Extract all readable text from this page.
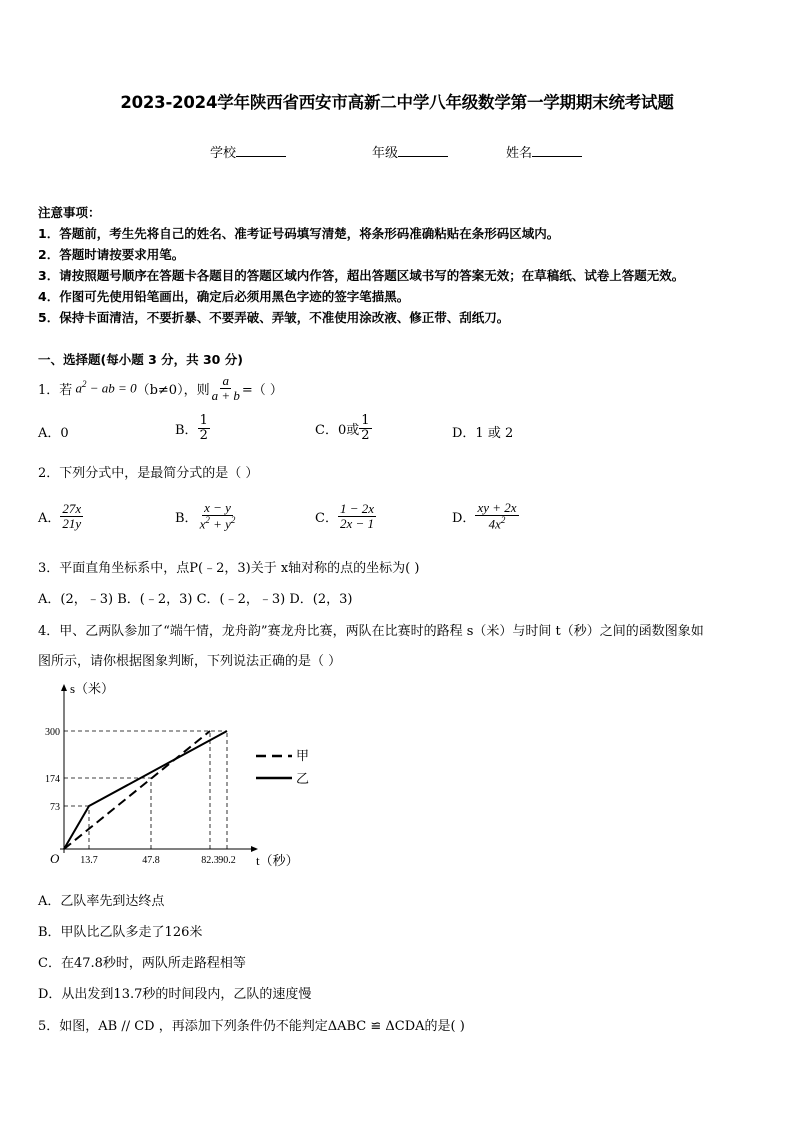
2023-2024学年陕西省西安市高新二中学八年级数学第一学期期末统考试题
学校	年级	姓名
注意事项：
1．答题前，考生先将自己的姓名、准考证号码填写清楚，将条形码准确粘贴在条形码区域内。
2．答题时请按要求用笔。
3．请按照题号顺序在答题卡各题目的答题区域内作答，超出答题区域书写的答案无效；在草稿纸、试卷上答题无效。
4．作图可先使用铅笔画出，确定后必须用黑色字迹的签字笔描黑。
5．保持卡面清洁，不要折暴、不要弄破、弄皱，不准使用涂改液、修正带、刮纸刀。
一、选择题(每小题 3 分，共 30 分)
1．若 $a^2$ − ab = 0 （b≠0），则 $\frac{a}{a + b}$ =（ ）
A．0	B． $\frac{1}{2}$	C．0或 $\frac{1}{2}$	D．1 或 2
2．下列分式中，是最简分式的是（ ）
A． $\frac{27x}{21y}$	B． $\frac{x - y}{x^2 + y^2}$	C． $\frac{1 - 2x}{2x - 1}$	D． $\frac{xy + 2x}{4x^2}$
3．平面直角坐标系中，点P(﹣2，3)关于 x轴对称的点的坐标为( )
A．(2，﹣3) B．(﹣2，3) C．(﹣2，﹣3) D．(2，3)
4．甲、乙两队参加了“端午情，龙舟韵”赛龙舟比赛，两队在比赛时的路程 s（米）与时间 t（秒）之间的函数图象如
图所示，请你根据图象判断，下列说法正确的是（ ）
13.7	47.8	82.3 90.2
73
174
300
s（米）
t（秒）
O
甲
乙
A．乙队率先到达终点
B．甲队比乙队多走了126米
C．在47.8秒时，两队所走路程相等
D．从出发到13.7秒的时间段内，乙队的速度慢
5．如图，AB // CD ，再添加下列条件仍不能判定ΔABC ≌ ΔCDA的是( )
